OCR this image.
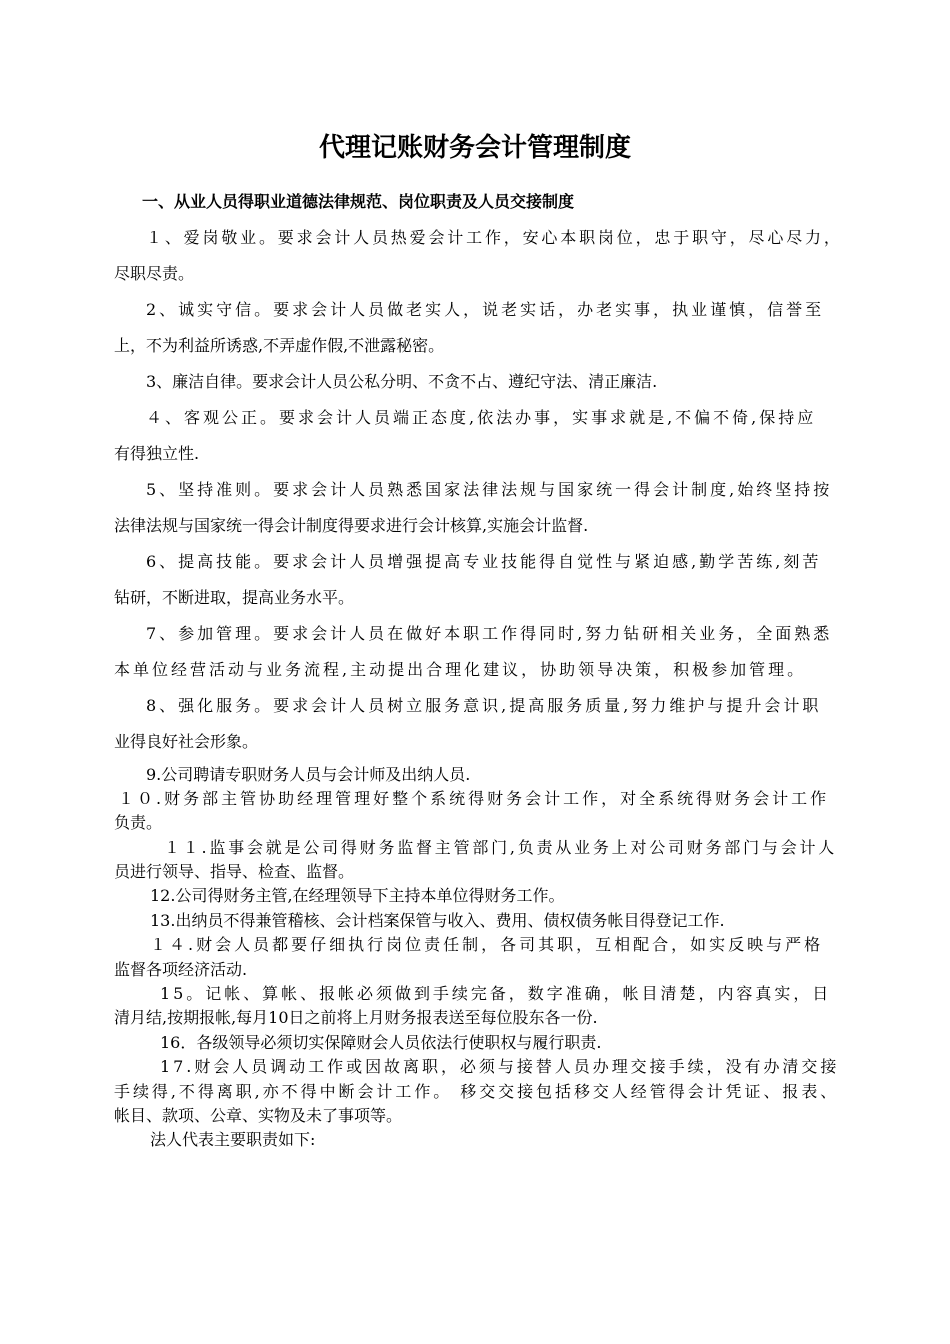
代理记账财务会计管理制度
一、从业人员得职业道德法律规范、岗位职责及人员交接制度
１、爱岗敬业。要求会计人员热爱会计工作，安心本职岗位，忠于职守，尽心尽力，
尽职尽责。
2、诚实守信。要求会计人员做老实人，说老实话，办老实事，执业谨慎，信誉至
上，不为利益所诱惑,不弄虚作假,不泄露秘密。
3、廉洁自律。要求会计人员公私分明、不贪不占、遵纪守法、清正廉洁.
４、客观公正。要求会计人员端正态度,依法办事，实事求就是,不偏不倚,保持应
有得独立性.
5、坚持准则。要求会计人员熟悉国家法律法规与国家统一得会计制度,始终坚持按
法律法规与国家统一得会计制度得要求进行会计核算,实施会计监督.
6、提高技能。要求会计人员增强提高专业技能得自觉性与紧迫感,勤学苦练,刻苦
钻研，不断进取，提高业务水平。
7、参加管理。要求会计人员在做好本职工作得同时,努力钻研相关业务，全面熟悉
本单位经营活动与业务流程,主动提出合理化建议，协助领导决策，积极参加管理。
8、强化服务。要求会计人员树立服务意识,提高服务质量,努力维护与提升会计职
业得良好社会形象。
9.公司聘请专职财务人员与会计师及出纳人员.
１０.财务部主管协助经理管理好整个系统得财务会计工作，对全系统得财务会计工作
负责。
１１.监事会就是公司得财务监督主管部门,负责从业务上对公司财务部门与会计人
员进行领导、指导、检查、监督。
12.公司得财务主管,在经理领导下主持本单位得财务工作。
13.出纳员不得兼管稽核、会计档案保管与收入、费用、债权债务帐目得登记工作.
１４.财会人员都要仔细执行岗位责任制，各司其职，互相配合，如实反映与严格
监督各项经济活动.
15。记帐、算帐、报帐必须做到手续完备，数字准确，帐目清楚，内容真实，日
清月结,按期报帐,每月10日之前将上月财务报表送至每位股东各一份.
16．各级领导必须切实保障财会人员依法行使职权与履行职责.
17.财会人员调动工作或因故离职，必须与接替人员办理交接手续，没有办清交接
手续得,不得离职,亦不得中断会计工作。 移交交接包括移交人经管得会计凭证、报表、
帐目、款项、公章、实物及未了事项等。
法人代表主要职责如下:
